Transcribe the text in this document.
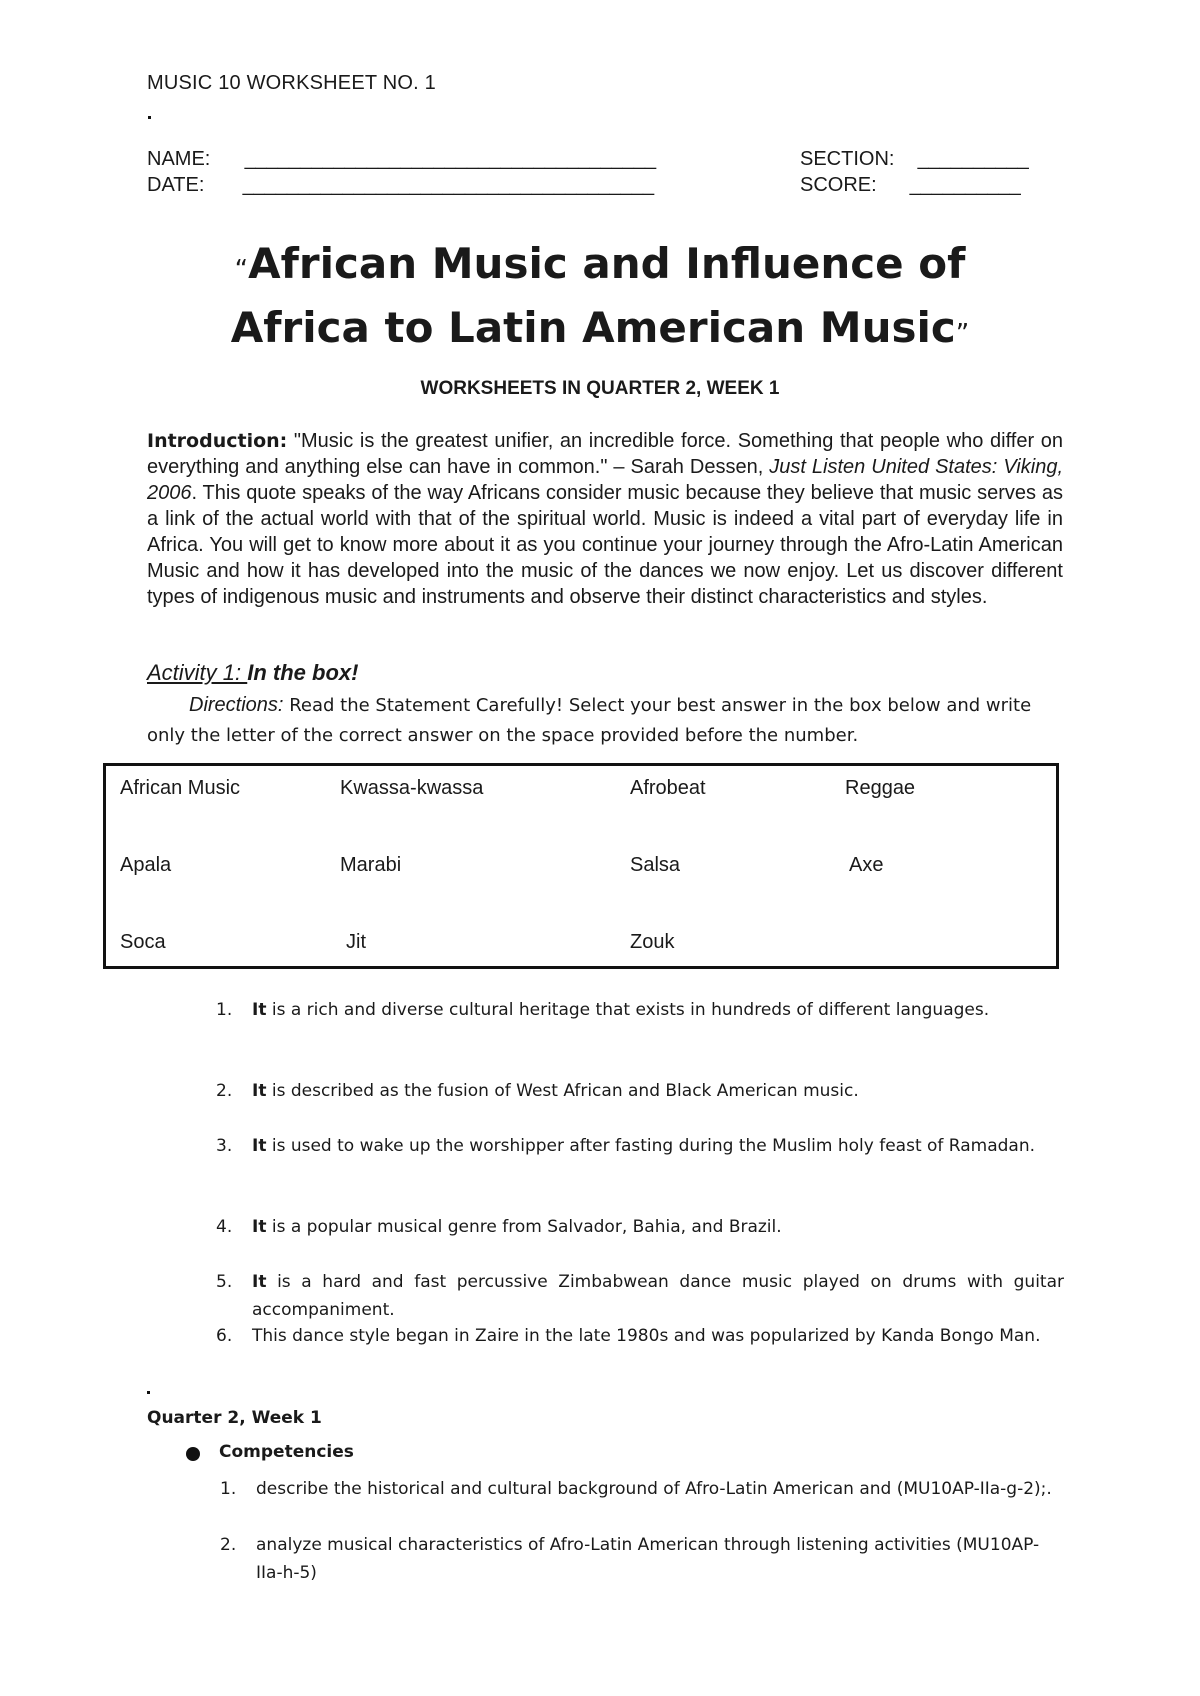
MUSIC 10 WORKSHEET NO. 1
NAME: _____________________________________	SECTION: __________
DATE: _____________________________________	SCORE: __________
“African Music and Influence of
Africa to Latin American Music”
WORKSHEETS IN QUARTER 2, WEEK 1
Introduction: "Music is the greatest unifier, an incredible force. Something that people who differ on everything and anything else can have in common." – Sarah Dessen, Just Listen United States: Viking, 2006. This quote speaks of the way Africans consider music because they believe that music serves as a link of the actual world with that of the spiritual world. Music is indeed a vital part of everyday life in Africa. You will get to know more about it as you continue your journey through the Afro-Latin American Music and how it has developed into the music of the dances we now enjoy. Let us discover different types of indigenous music and instruments and observe their distinct characteristics and styles.
Activity 1: In the box!
Directions: Read the Statement Carefully! Select your best answer in the box below and write only the letter of the correct answer on the space provided before the number.
African Music	Kwassa-kwassa	Afrobeat	Reggae
Apala	Marabi	Salsa	Axe
Soca	Jit	Zouk
1. It is a rich and diverse cultural heritage that exists in hundreds of different languages.
2. It is described as the fusion of West African and Black American music.
3. It is used to wake up the worshipper after fasting during the Muslim holy feast of Ramadan.
4. It is a popular musical genre from Salvador, Bahia, and Brazil.
5. It is a hard and fast percussive Zimbabwean dance music played on drums with guitar accompaniment.
6. This dance style began in Zaire in the late 1980s and was popularized by Kanda Bongo Man.
Quarter 2, Week 1
Competencies
1. describe the historical and cultural background of Afro-Latin American and (MU10AP-IIa-g-2);.
2. analyze musical characteristics of Afro-Latin American through listening activities (MU10AP-IIa-h-5)
